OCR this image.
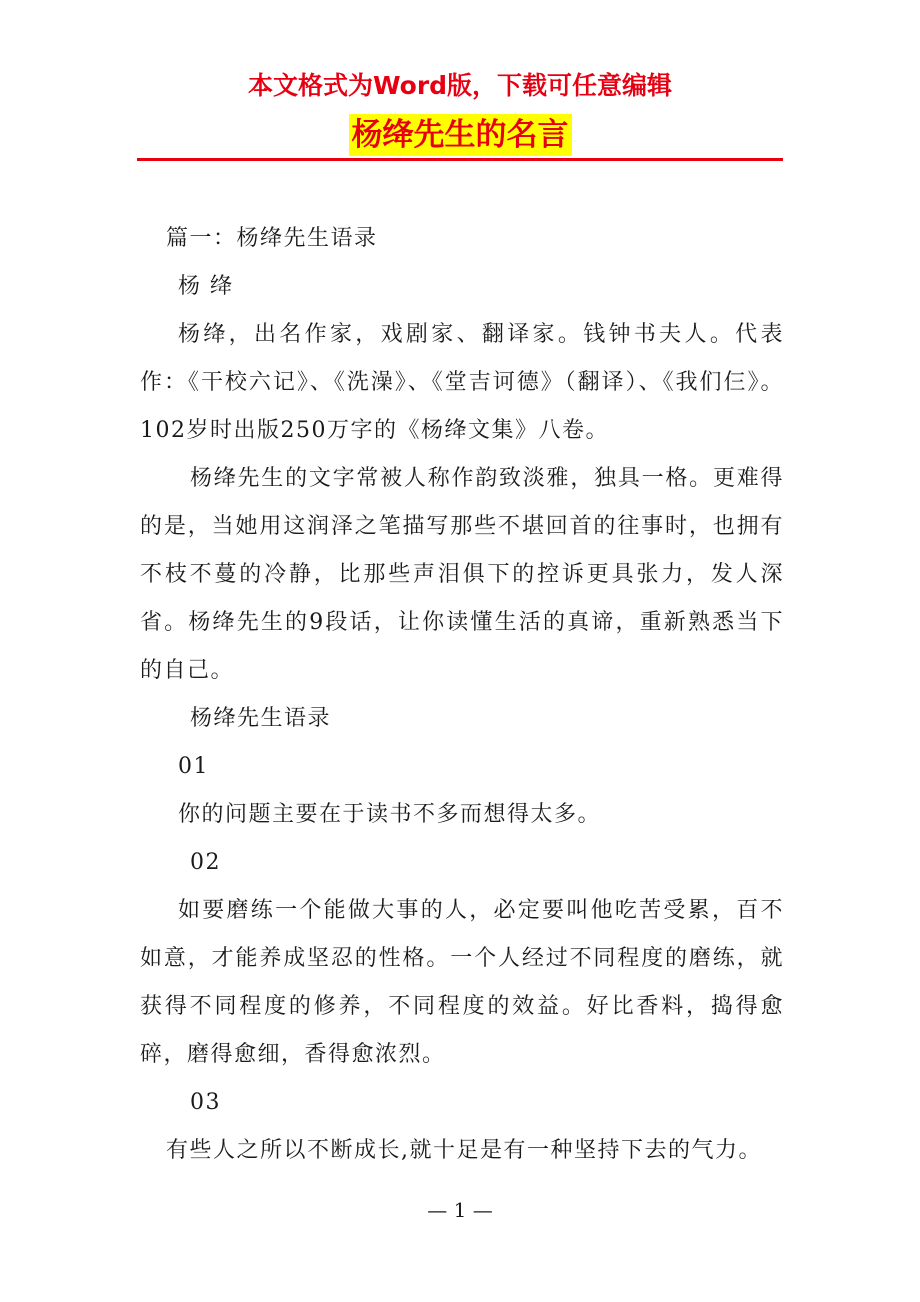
本文格式为Word版，下载可任意编辑
杨绛先生的名言

篇一：杨绛先生语录

杨 绛

杨绛，出名作家，戏剧家、翻译家。钱钟书夫人。代表作：《干校六记》、《洗澡》、《堂吉诃德》（翻译）、《我们仨》。102岁时出版250万字的《杨绛文集》八卷。

杨绛先生的文字常被人称作韵致淡雅，独具一格。更难得的是，当她用这润泽之笔描写那些不堪回首的往事时，也拥有不枝不蔓的冷静，比那些声泪俱下的控诉更具张力，发人深省。杨绛先生的9段话，让你读懂生活的真谛，重新熟悉当下的自己。

杨绛先生语录

01

你的问题主要在于读书不多而想得太多。

02

如要磨练一个能做大事的人，必定要叫他吃苦受累，百不如意，才能养成坚忍的性格。一个人经过不同程度的磨练，就获得不同程度的修养，不同程度的效益。好比香料，捣得愈碎，磨得愈细，香得愈浓烈。

03

有些人之所以不断成长,就十足是有一种坚持下去的气力。

— 1 —
